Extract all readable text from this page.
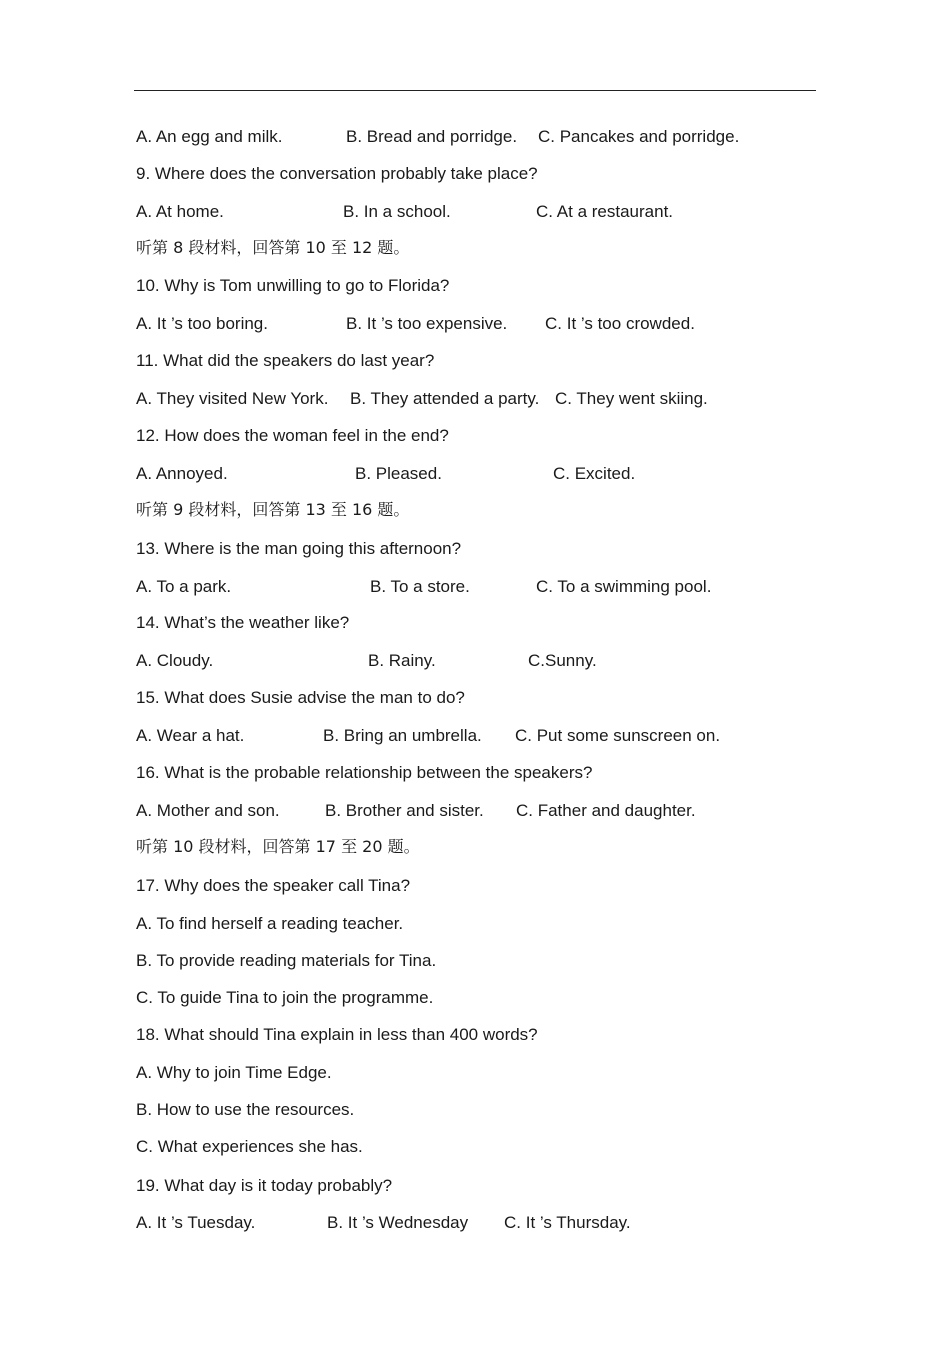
A. An egg and milk.

	B. Bread and porridge.

C. Pancakes and porridge.

9. Where does the conversation probably take place?

A. At home.

	B. In a school.

	C. At a restaurant.

听第 8 段材料，回答第 10 至 12 题。
10. Why is Tom unwilling to go to Florida?

A. It ’s too boring.

	B. It ’s too expensive.

C. It ’s too crowded.

11. What did the speakers do last year?

A. They visited New York.

B. They attended a party.

C. They went skiing.

12. How does the woman feel in the end?

A. Annoyed.

	B. Pleased.

	C. Excited.

听第 9 段材料，回答第 13 至 16 题。
13. Where is the man going this afternoon?

A. To a park.

	B. To a store.

	C. To a swimming pool.

14. What’s the weather like?

A. Cloudy.

	B. Rainy.

	C.Sunny.

15. What does Susie advise the man to do?

A. Wear a hat.

	B. Bring an umbrella.

C. Put some sunscreen on.

16. What is the probable relationship between the speakers?

A. Mother and son.

	B. Brother and sister.

C. Father and daughter.

听第 10 段材料，回答第 17 至 20 题。
17. Why does the speaker call Tina?
A. To find herself a reading teacher.
B. To provide reading materials for Tina.
C. To guide Tina to join the programme.
18. What should Tina explain in less than 400 words?
A. Why to join Time Edge.
B. How to use the resources.
C. What experiences she has.
19. What day is it today probably?

A. It ’s Tuesday.

	B. It ’s Wednesday

C. It ’s Thursday.
